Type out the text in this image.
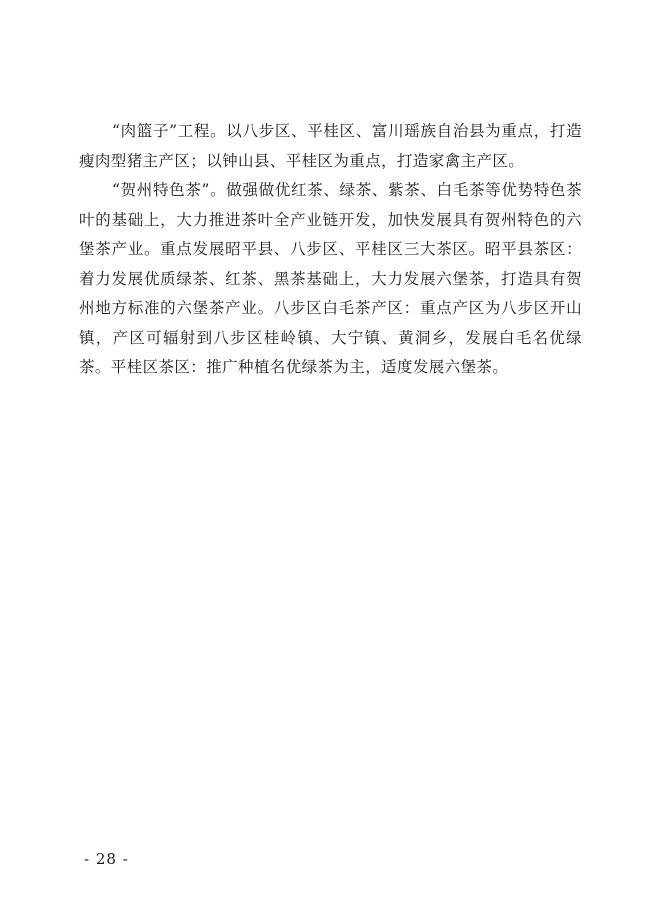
“肉篮子”工程。以八步区、平桂区、富川瑶族自治县为重点，打造瘦肉型猪主产区；以钟山县、平桂区为重点，打造家禽主产区。

“贺州特色茶”。做强做优红茶、绿茶、紫茶、白毛茶等优势特色茶叶的基础上，大力推进茶叶全产业链开发，加快发展具有贺州特色的六堡茶产业。重点发展昭平县、八步区、平桂区三大茶区。昭平县茶区：着力发展优质绿茶、红茶、黑茶基础上，大力发展六堡茶，打造具有贺州地方标准的六堡茶产业。八步区白毛茶产区：重点产区为八步区开山镇，产区可辐射到八步区桂岭镇、大宁镇、黄洞乡，发展白毛名优绿茶。平桂区茶区：推广种植名优绿茶为主，适度发展六堡茶。

- 28 -
